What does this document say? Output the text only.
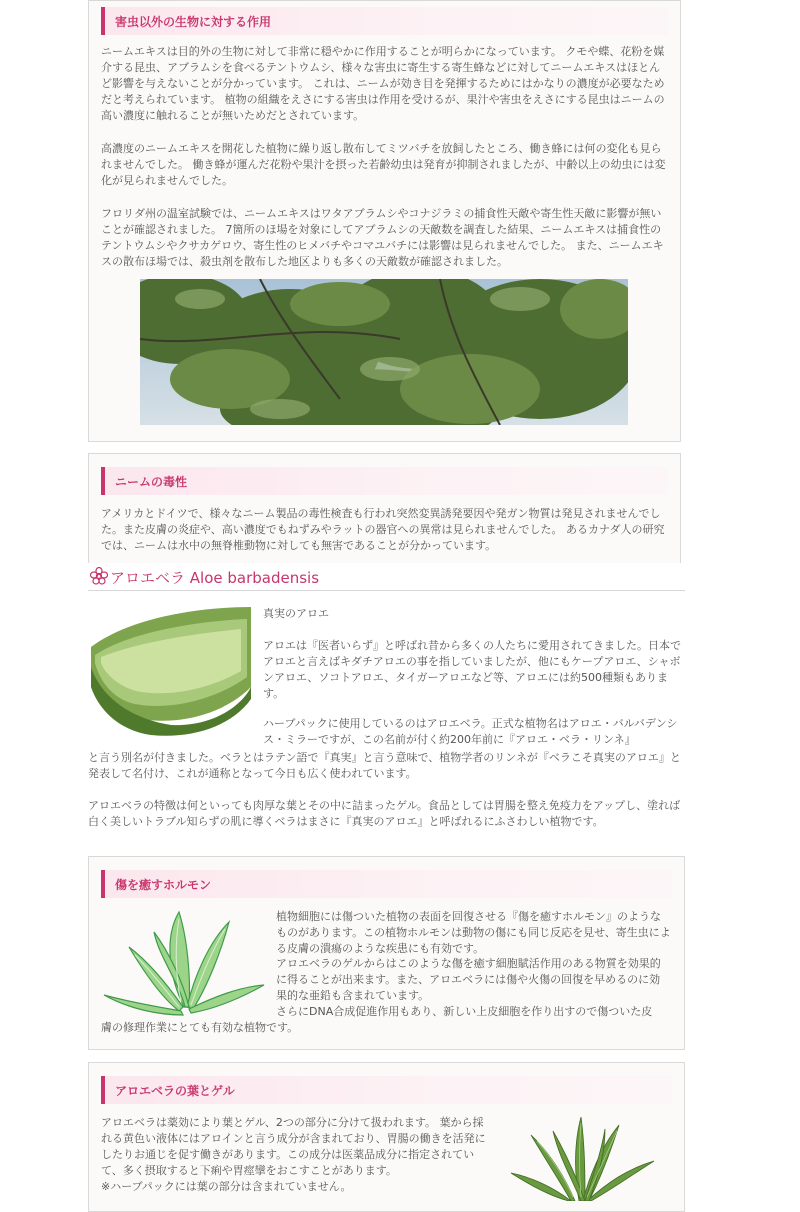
害虫以外の生物に対する作用

ニームエキスは目的外の生物に対して非常に穏やかに作用することが明らかになっています。 クモや蝶、花粉を媒介する昆虫、アブラムシを食べるテントウムシ、様々な害虫に寄生する寄生蜂などに対してニームエキスはほとんど影響を与えないことが分かっています。 これは、ニームが効き目を発揮するためにはかなりの濃度が必要なためだと考えられています。 植物の組織をえさにする害虫は作用を受けるが、果汁や害虫をえさにする昆虫はニームの高い濃度に触れることが無いためだとされています。

高濃度のニームエキスを開花した植物に繰り返し散布してミツバチを放飼したところ、働き蜂には何の変化も見られませんでした。 働き蜂が運んだ花粉や果汁を摂った若齢幼虫は発育が抑制されましたが、中齢以上の幼虫には変化が見られませんでした。

フロリダ州の温室試験では、ニームエキスはワタアブラムシやコナジラミの捕食性天敵や寄生性天敵に影響が無いことが確認されました。 7箇所のほ場を対象にしてアブラムシの天敵数を調査した結果、ニームエキスは捕食性のテントウムシやクサカゲロウ、寄生性のヒメバチやコマユバチには影響は見られませんでした。 また、ニームエキスの散布ほ場では、殺虫剤を散布した地区よりも多くの天敵数が確認されました。

ニームの毒性

アメリカとドイツで、様々なニーム製品の毒性検査も行われ突然変異誘発要因や発ガン物質は発見されませんでした。また皮膚の炎症や、高い濃度でもねずみやラットの器官への異常は見られませんでした。 あるカナダ人の研究では、ニームは水中の無脊椎動物に対しても無害であることが分かっています。

アロエベラ Aloe barbadensis

真実のアロエ

アロエは『医者いらず』と呼ばれ昔から多くの人たちに愛用されてきました。日本でアロエと言えばキダチアロエの事を指していましたが、他にもケープアロエ、シャボンアロエ、ソコトアロエ、タイガーアロエなど等、アロエには約500種類もあります。

ハーブパックに使用しているのはアロエベラ。正式な植物名はアロエ・バルバデンシス・ミラーですが、この名前が付く約200年前に『アロエ・ベラ・リンネ』

と言う別名が付きました。ベラとはラテン語で『真実』と言う意味で、植物学者のリンネが『ベラこそ真実のアロエ』と発表して名付け、これが通称となって今日も広く使われています。

アロエベラの特徴は何といっても肉厚な葉とその中に詰まったゲル。食品としては胃腸を整え免疫力をアップし、塗れば白く美しいトラブル知らずの肌に導くベラはまさに『真実のアロエ』と呼ばれるにふさわしい植物です。

傷を癒すホルモン

植物細胞には傷ついた植物の表面を回復させる『傷を癒すホルモン』のようなものがあります。この植物ホルモンは動物の傷にも同じ反応を見せ、寄生虫による皮膚の潰瘍のような疾患にも有効です。

アロエベラのゲルからはこのような傷を癒す細胞賦活作用のある物質を効果的に得ることが出来ます。また、アロエベラには傷や火傷の回復を早めるのに効果的な亜鉛も含まれています。

さらにDNA合成促進作用もあり、新しい上皮細胞を作り出すので傷ついた皮

膚の修理作業にとても有効な植物です。

アロエベラの葉とゲル

アロエベラは薬効により葉とゲル、2つの部分に分けて扱われます。 葉から採れる黄色い液体にはアロインと言う成分が含まれており、胃腸の働きを活発にしたりお通じを促す働きがあります。この成分は医薬品成分に指定されていて、多く摂取すると下痢や胃痙攣をおこすことがあります。

※ハーブパックには葉の部分は含まれていません。
